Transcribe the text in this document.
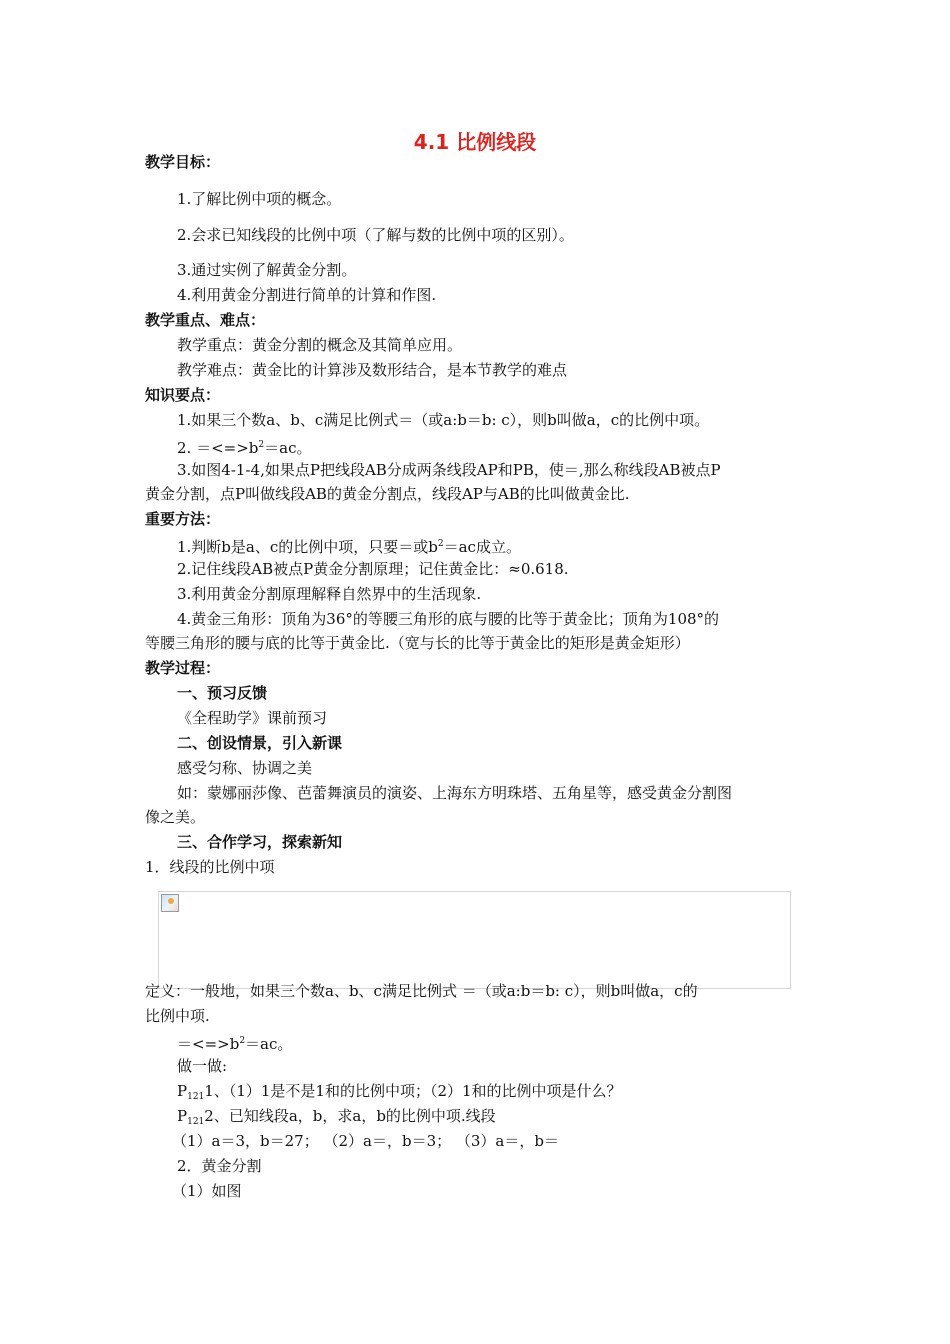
4.1 比例线段
教学目标：
1.了解比例中项的概念。
2.会求已知线段的比例中项（了解与数的比例中项的区别）。
3.通过实例了解黄金分割。
4.利用黄金分割进行简单的计算和作图.
教学重点、难点：
教学重点：黄金分割的概念及其简单应用。
教学难点：黄金比的计算涉及数形结合，是本节教学的难点
知识要点：
1.如果三个数a、b、c满足比例式＝（或a:b＝b: c），则b叫做a，c的比例中项。
2. $=<=>b^2=ac$。
3.如图4-1-4,如果点P把线段AB分成两条线段AP和PB，使＝,那么称线段AB被点P
黄金分割，点P叫做线段AB的黄金分割点，线段AP与AB的比叫做黄金比.
重要方法：
1.判断b是a、c的比例中项，只要＝或$b^2=ac$成立。
2.记住线段AB被点P黄金分割原理；记住黄金比：≈0.618.
3.利用黄金分割原理解释自然界中的生活现象.
4.黄金三角形：顶角为36°的等腰三角形的底与腰的比等于黄金比；顶角为108°的
等腰三角形的腰与底的比等于黄金比.（宽与长的比等于黄金比的矩形是黄金矩形）
教学过程：
一、预习反馈
《全程助学》课前预习
二、创设情景，引入新课
感受匀称、协调之美
如：蒙娜丽莎像、芭蕾舞演员的演姿、上海东方明珠塔、五角星等，感受黄金分割图
像之美。
三、合作学习，探索新知
1．线段的比例中项
定义：一般地，如果三个数a、b、c满足比例式 ＝（或a:b＝b: c），则b叫做a，c的
比例中项.
$=<=>b^2=ac$。
做一做:
$P_{121}1$、（1）1是不是1和的比例中项；（2）1和的比例中项是什么？
$P_{121}2$、已知线段a，b，求a，b的比例中项.线段
（1）a＝3，b＝27； （2）a＝，b＝3； （3）a＝，b＝
2．黄金分割
（1）如图
